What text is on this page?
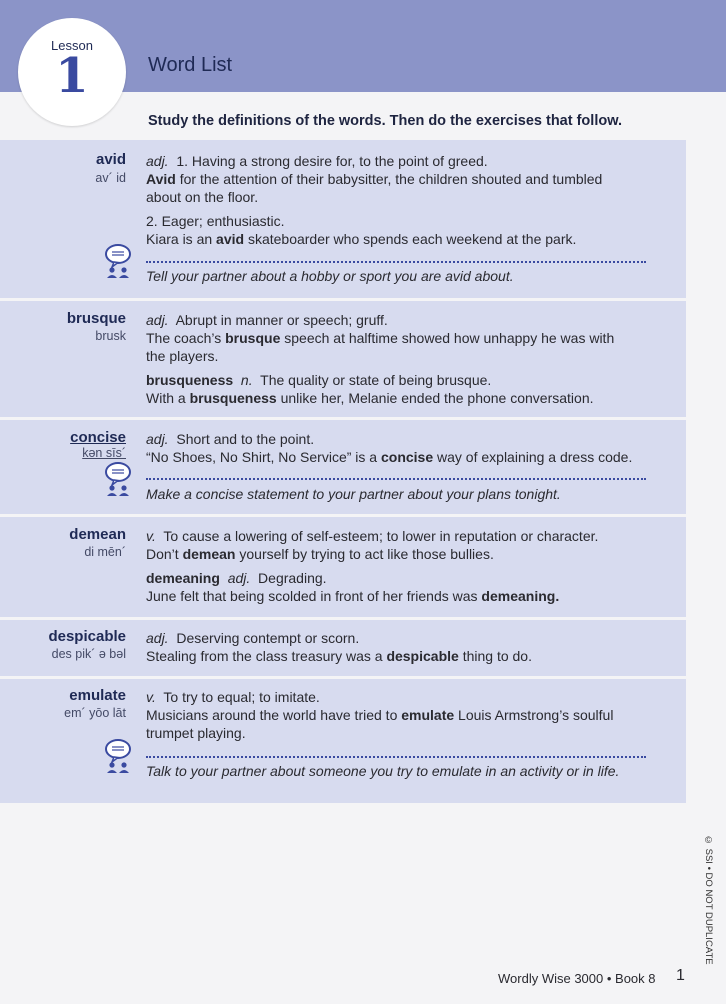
Lesson
1	Word List
Study the definitions of the words. Then do the exercises that follow.
avid
av´ id
adj. 1. Having a strong desire for, to the point of greed.
Avid for the attention of their babysitter, the children shouted and tumbled
about on the floor.
2. Eager; enthusiastic.
Kiara is an avid skateboarder who spends each weekend at the park.
Tell your partner about a hobby or sport you are avid about.
brusque
brusk
adj. Abrupt in manner or speech; gruff.
The coach’s brusque speech at halftime showed how unhappy he was with
the players.
brusqueness n. The quality or state of being brusque.
With a brusqueness unlike her, Melanie ended the phone conversation.
concise
kən sīs´
adj. Short and to the point.
“No Shoes, No Shirt, No Service” is a concise way of explaining a dress code.
Make a concise statement to your partner about your plans tonight.
demean
di mēn´
v. To cause a lowering of self-esteem; to lower in reputation or character.
Don’t demean yourself by trying to act like those bullies.
demeaning adj. Degrading.
June felt that being scolded in front of her friends was demeaning.
despicable
des pik´ ə bəl
adj. Deserving contempt or scorn.
Stealing from the class treasury was a despicable thing to do.
emulate
em´ yōo lāt
v. To try to equal; to imitate.
Musicians around the world have tried to emulate Louis Armstrong’s soulful
trumpet playing.
Talk to your partner about someone you try to emulate in an activity or in life.
© SSI • DO NOT DUPLICATE
Wordly Wise 3000 • Book 8 1
